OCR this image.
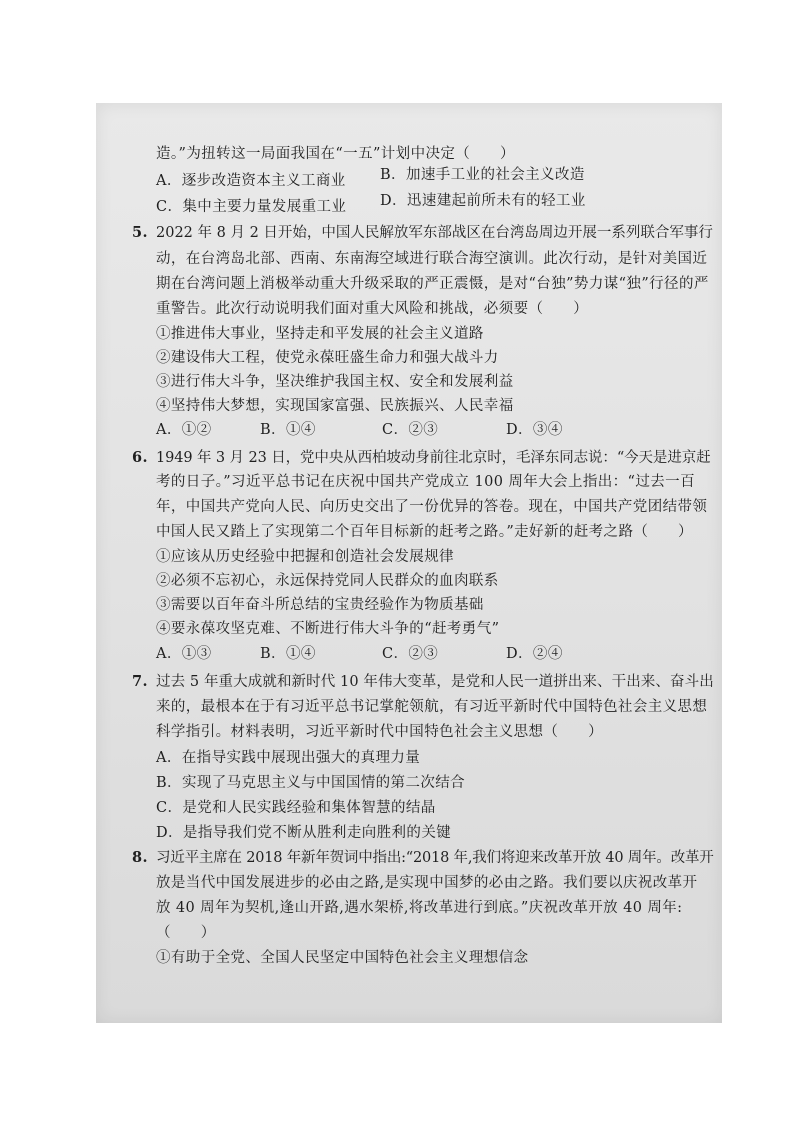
造。”为扭转这一局面我国在“一五”计划中决定（　　）
A．逐步改造资本主义工商业 B．加速手工业的社会主义改造
C．集中主要力量发展重工业 D．迅速建起前所未有的轻工业
5. 2022 年 8 月 2 日开始，中国人民解放军东部战区在台湾岛周边开展一系列联合军事行
动，在台湾岛北部、西南、东南海空域进行联合海空演训。此次行动，是针对美国近
期在台湾问题上消极举动重大升级采取的严正震慑，是对“台独”势力谋“独”行径的严
重警告。此次行动说明我们面对重大风险和挑战，必须要（　　）
①推进伟大事业，坚持走和平发展的社会主义道路
②建设伟大工程，使党永葆旺盛生命力和强大战斗力
③进行伟大斗争，坚决维护我国主权、安全和发展利益
④坚持伟大梦想，实现国家富强、民族振兴、人民幸福
A．①②	B．①④	C．②③	D．③④
6. 1949 年 3 月 23 日，党中央从西柏坡动身前往北京时，毛泽东同志说：“今天是进京赶
考的日子。”习近平总书记在庆祝中国共产党成立 100 周年大会上指出：“过去一百
年，中国共产党向人民、向历史交出了一份优异的答卷。现在，中国共产党团结带领
中国人民又踏上了实现第二个百年目标新的赶考之路。”走好新的赶考之路（　　）
①应该从历史经验中把握和创造社会发展规律
②必须不忘初心，永远保持党同人民群众的血肉联系
③需要以百年奋斗所总结的宝贵经验作为物质基础
④要永葆攻坚克难、不断进行伟大斗争的“赶考勇气”
A．①③	B．①④	C．②③	D．②④
7. 过去 5 年重大成就和新时代 10 年伟大变革，是党和人民一道拼出来、干出来、奋斗出
来的，最根本在于有习近平总书记掌舵领航，有习近平新时代中国特色社会主义思想
科学指引。材料表明，习近平新时代中国特色社会主义思想（　　）
A．在指导实践中展现出强大的真理力量
B．实现了马克思主义与中国国情的第二次结合
C．是党和人民实践经验和集体智慧的结晶
D．是指导我们党不断从胜利走向胜利的关键
8. 习近平主席在 2018 年新年贺词中指出:“2018 年,我们将迎来改革开放 40 周年。改革开
放是当代中国发展进步的必由之路,是实现中国梦的必由之路。我们要以庆祝改革开
放 40 周年为契机,逢山开路,遇水架桥,将改革进行到底。”庆祝改革开放 40 周年:
（　　）
①有助于全党、全国人民坚定中国特色社会主义理想信念
